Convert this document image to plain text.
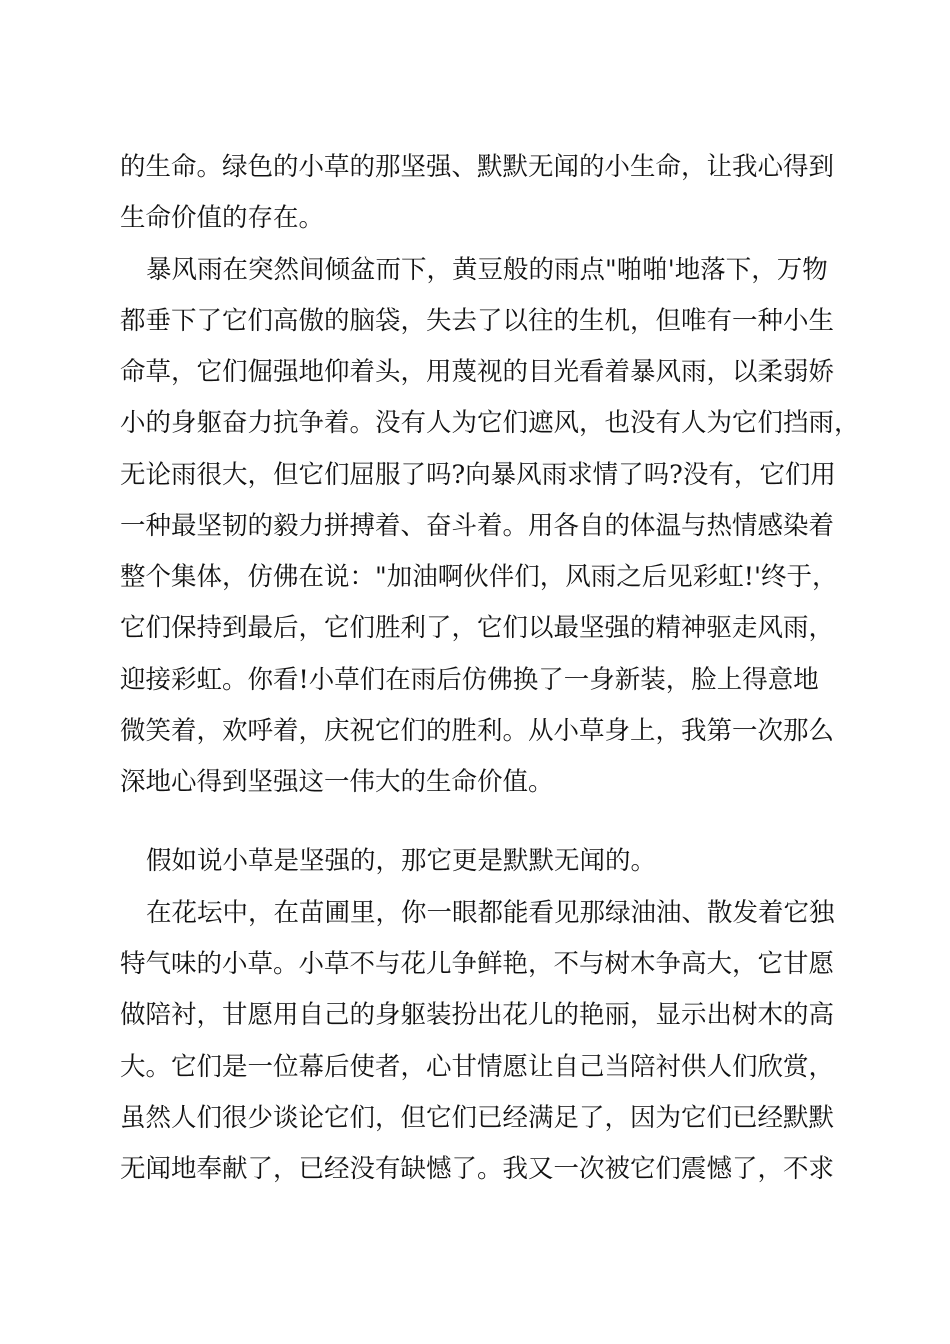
的生命。绿色的小草的那坚强、默默无闻的小生命，让我心得到
生命价值的存在。
暴风雨在突然间倾盆而下，黄豆般的雨点"啪啪'地落下，万物
都垂下了它们高傲的脑袋，失去了以往的生机，但唯有一种小生
命草，它们倔强地仰着头，用蔑视的目光看着暴风雨，以柔弱娇
小的身躯奋力抗争着。没有人为它们遮风，也没有人为它们挡雨，
无论雨很大，但它们屈服了吗?向暴风雨求情了吗?没有，它们用
一种最坚韧的毅力拼搏着、奋斗着。用各自的体温与热情感染着
整个集体，仿佛在说："加油啊伙伴们，风雨之后见彩虹!'终于，
它们保持到最后，它们胜利了，它们以最坚强的精神驱走风雨，
迎接彩虹。你看!小草们在雨后仿佛换了一身新装，脸上得意地
微笑着，欢呼着，庆祝它们的胜利。从小草身上，我第一次那么
深地心得到坚强这一伟大的生命价值。
假如说小草是坚强的，那它更是默默无闻的。
在花坛中，在苗圃里，你一眼都能看见那绿油油、散发着它独
特气味的小草。小草不与花儿争鲜艳，不与树木争高大，它甘愿
做陪衬，甘愿用自己的身躯装扮出花儿的艳丽，显示出树木的高
大。它们是一位幕后使者，心甘情愿让自己当陪衬供人们欣赏，
虽然人们很少谈论它们，但它们已经满足了，因为它们已经默默
无闻地奉献了，已经没有缺憾了。我又一次被它们震憾了，不求
